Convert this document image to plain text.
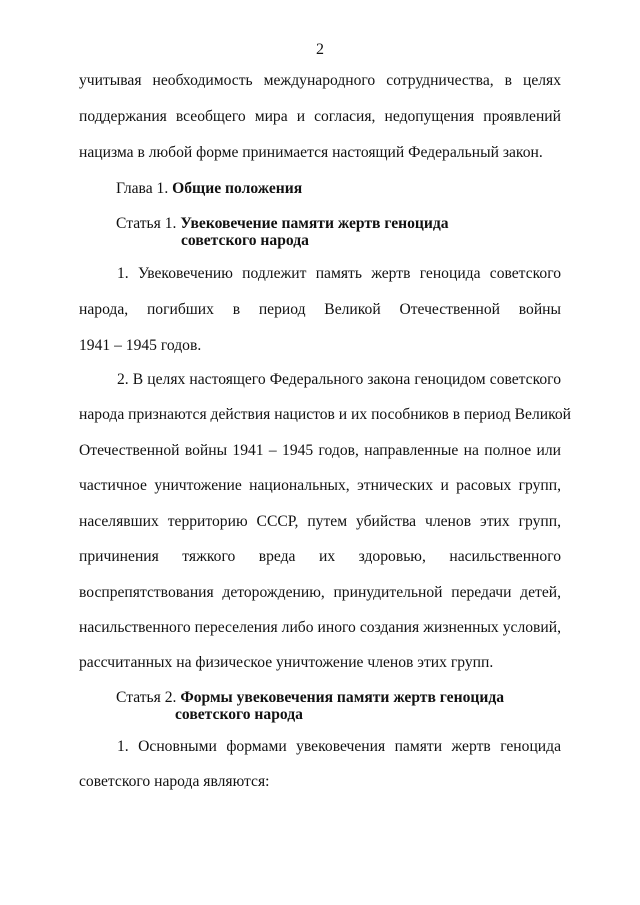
2
учитывая необходимость международного сотрудничества, в целях
поддержания всеобщего мира и согласия, недопущения проявлений
нацизма в любой форме принимается настоящий Федеральный закон.
Глава 1. Общие положения
Статья 1. Увековечение памяти жертв геноцида
советского народа
1. Увековечению подлежит память жертв геноцида советского
народа, погибших в период Великой Отечественной войны
1941 – 1945 годов.
2. В целях настоящего Федерального закона геноцидом советского
народа признаются действия нацистов и их пособников в период Великой
Отечественной войны 1941 – 1945 годов, направленные на полное или
частичное уничтожение национальных, этнических и расовых групп,
населявших территорию СССР, путем убийства членов этих групп,
причинения тяжкого вреда их здоровью, насильственного
воспрепятствования деторождению, принудительной передачи детей,
насильственного переселения либо иного создания жизненных условий,
рассчитанных на физическое уничтожение членов этих групп.
Статья 2. Формы увековечения памяти жертв геноцида
советского народа
1. Основными формами увековечения памяти жертв геноцида
советского народа являются:
